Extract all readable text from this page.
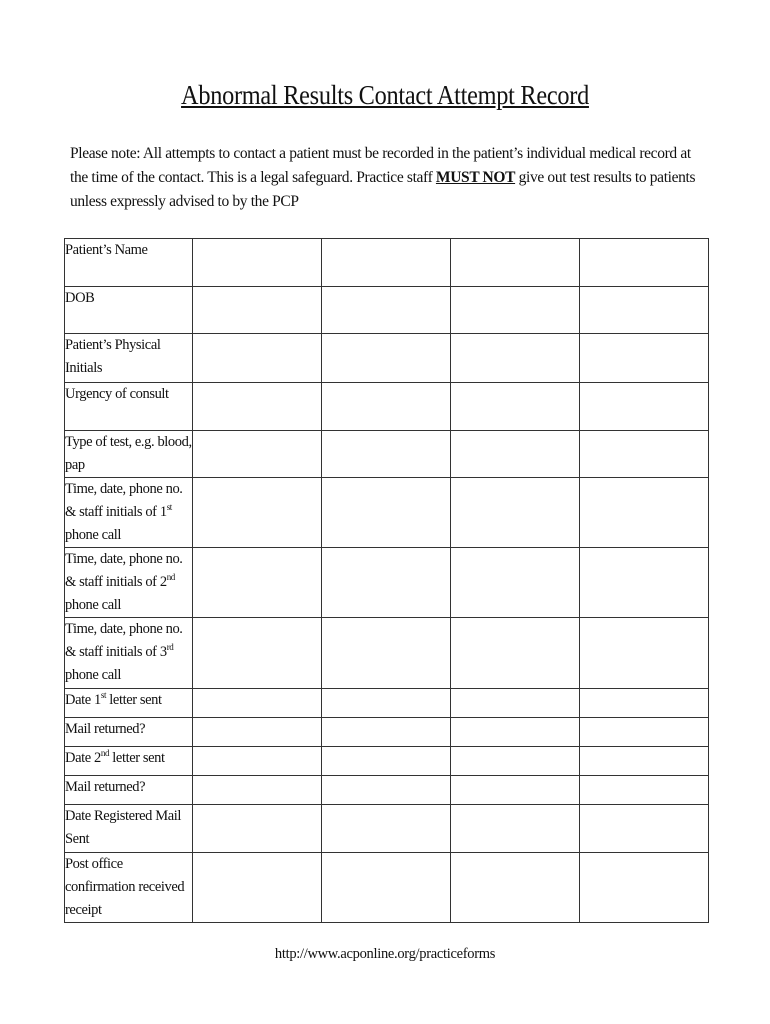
Abnormal Results Contact Attempt Record
Please note: All attempts to contact a patient must be recorded in the patient’s individual medical record at the time of the contact. This is a legal safeguard. Practice staff MUST NOT give out test results to patients unless expressly advised to by the PCP
Patient’s Name				
DOB				
Patient’s Physical Initials				
Urgency of consult				
Type of test, e.g. blood, pap				
Time, date, phone no. & staff initials of 1st phone call				
Time, date, phone no. & staff initials of 2nd phone call				
Time, date, phone no. & staff initials of 3rd phone call				
Date 1st letter sent				
Mail returned?				
Date 2nd letter sent				
Mail returned?				
Date Registered Mail Sent				
Post office confirmation received receipt				
http://www.acponline.org/practiceforms
